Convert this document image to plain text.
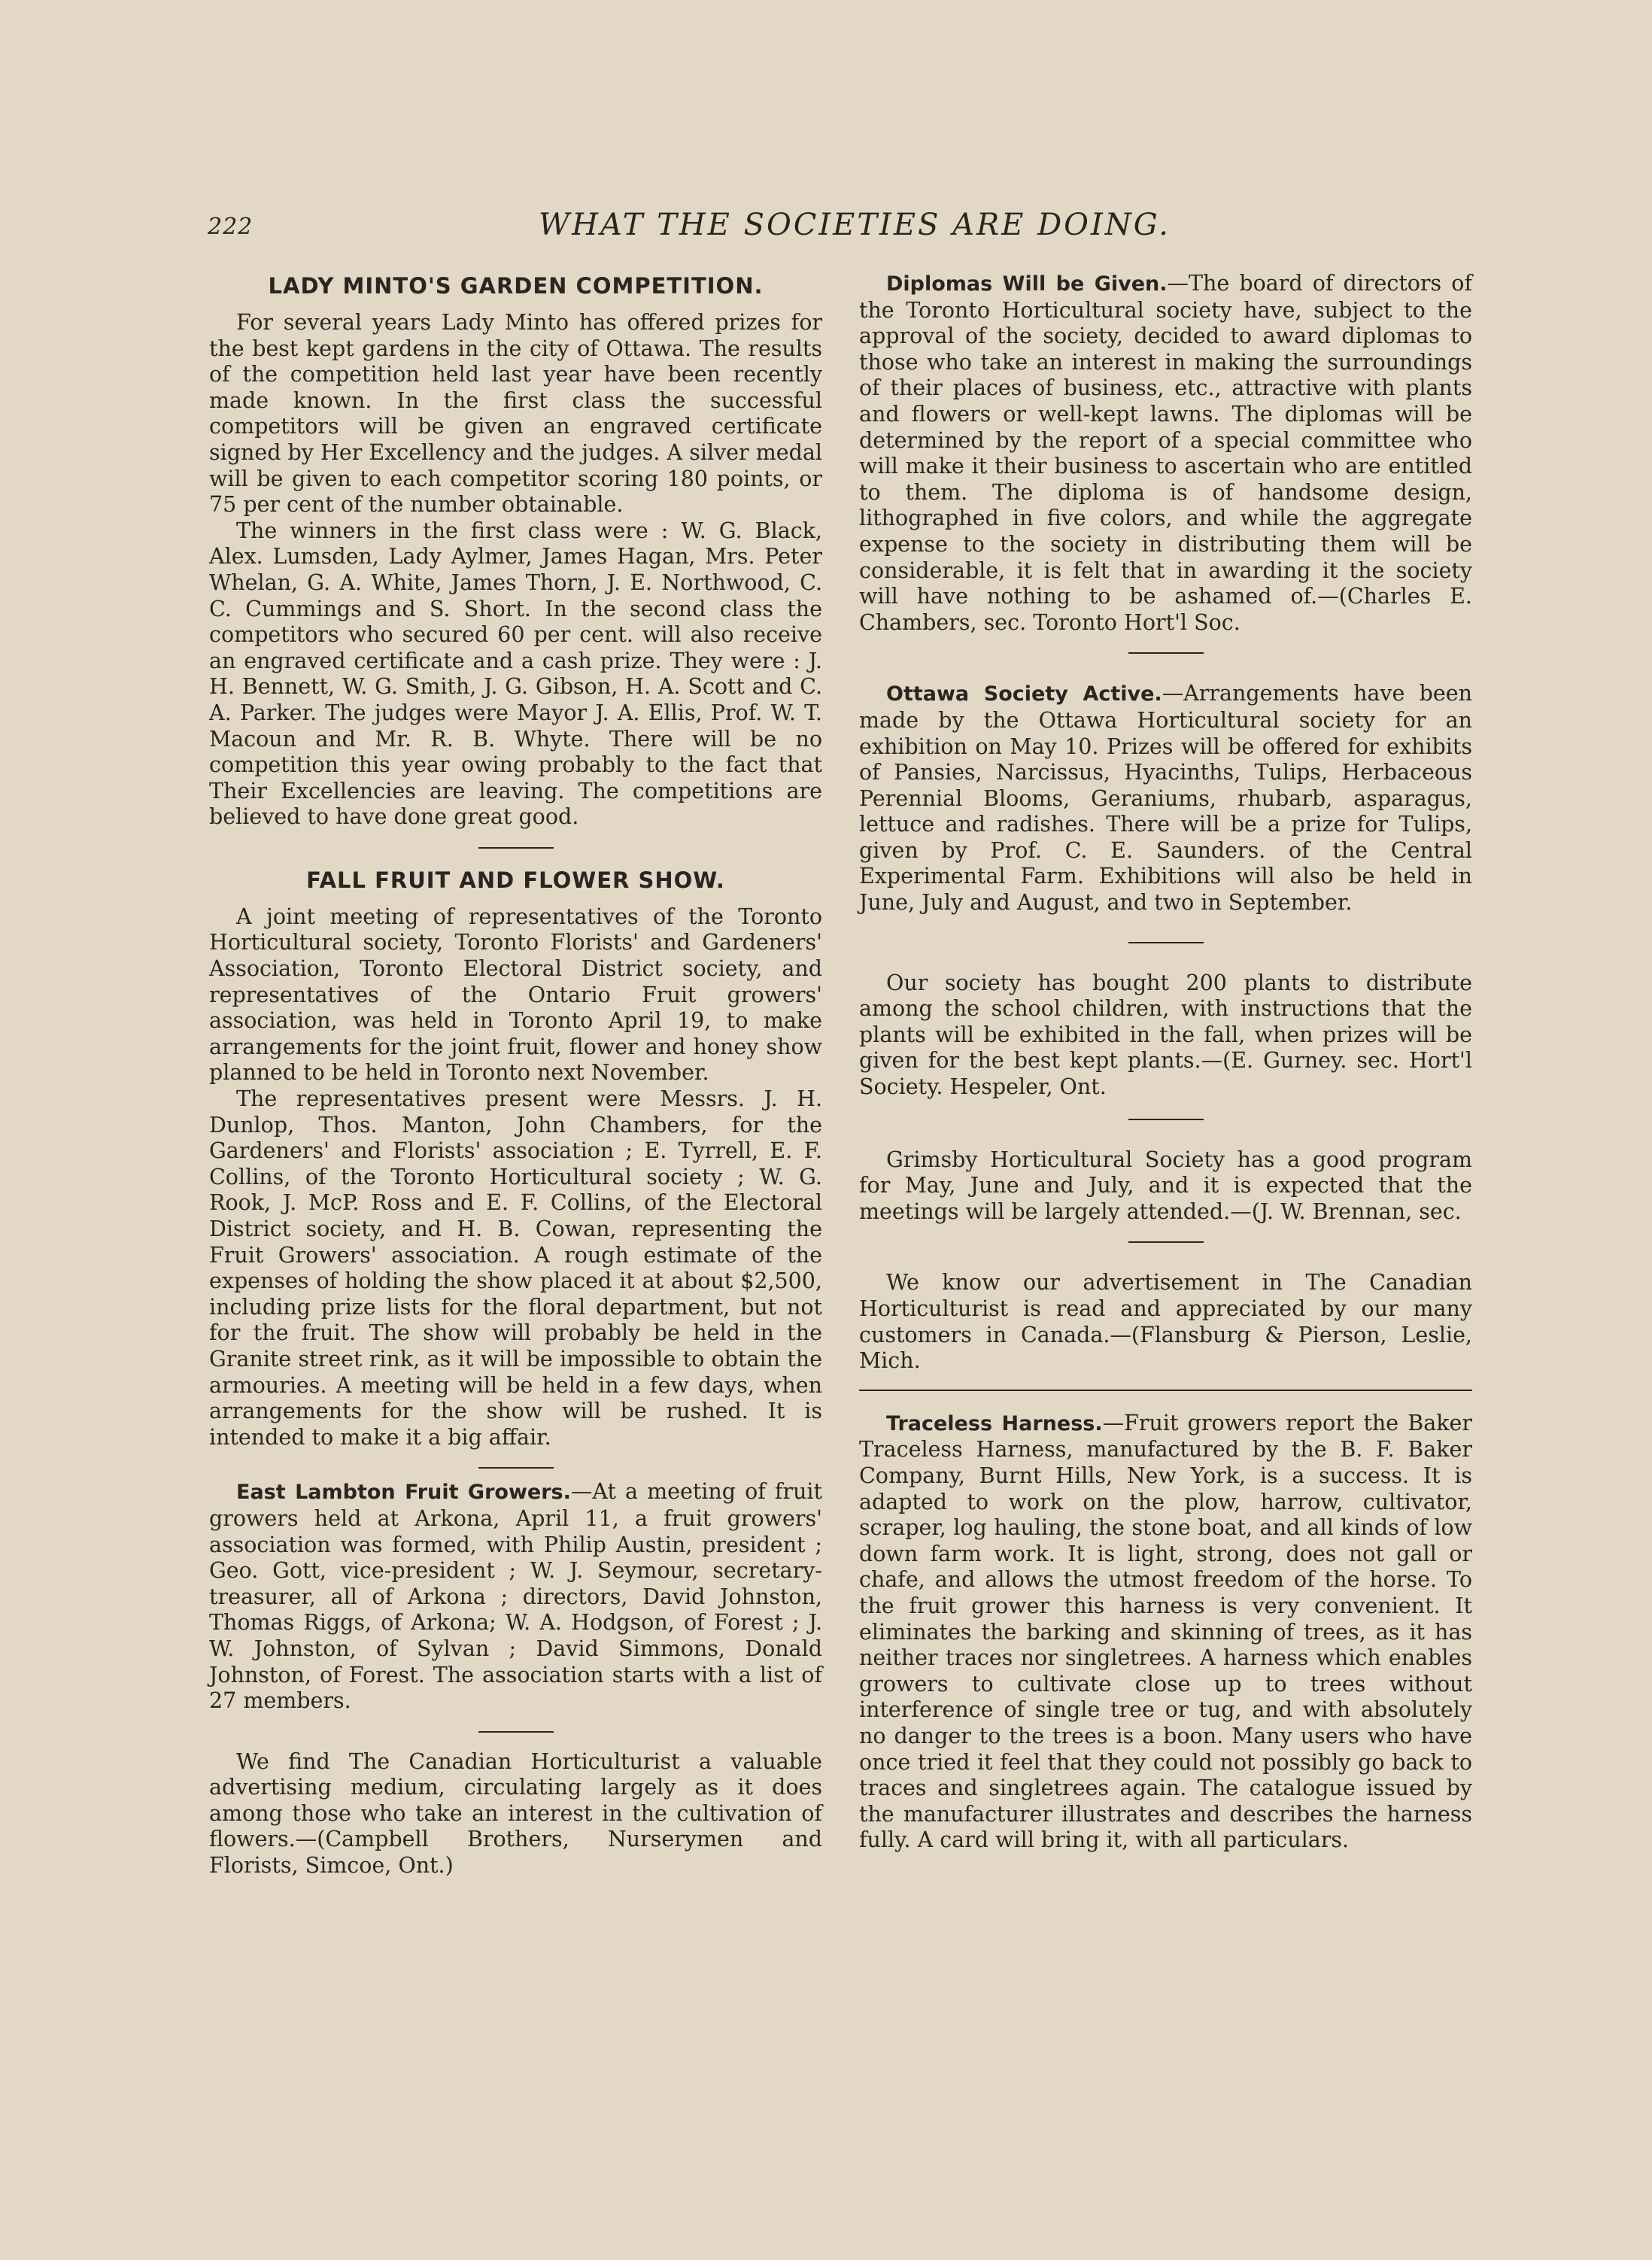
222	WHAT THE SOCIETIES ARE DOING.
LADY MINTO'S GARDEN COMPETITION.

For several years Lady Minto has offered prizes for the best kept gardens in the city of Ottawa. The results of the competition held last year have been recently made known. In the first class the successful competitors will be given an engraved certificate signed by Her Excellency and the judges. A silver medal will be given to each competitor scoring 180 points, or 75 per cent of the number obtainable.

The winners in the first class were : W. G. Black, Alex. Lumsden, Lady Aylmer, James Hagan, Mrs. Peter Whelan, G. A. White, James Thorn, J. E. Northwood, C. C. Cummings and S. Short. In the second class the competitors who secured 60 per cent. will also receive an engraved certificate and a cash prize. They were : J. H. Bennett, W. G. Smith, J. G. Gibson, H. A. Scott and C. A. Parker. The judges were Mayor J. A. Ellis, Prof. W. T. Macoun and Mr. R. B. Whyte. There will be no competition this year owing probably to the fact that Their Excellencies are leaving. The competitions are believed to have done great good.

FALL FRUIT AND FLOWER SHOW.

A joint meeting of representatives of the Toronto Horticultural society, Toronto Florists' and Gardeners' Association, Toronto Electoral District society, and representatives of the Ontario Fruit growers' association, was held in Toronto April 19, to make arrangements for the joint fruit, flower and honey show planned to be held in Toronto next November.

The representatives present were Messrs. J. H. Dunlop, Thos. Manton, John Chambers, for the Gardeners' and Florists' association ; E. Tyrrell, E. F. Collins, of the Toronto Horticultural society ; W. G. Rook, J. McP. Ross and E. F. Collins, of the Electoral District society, and H. B. Cowan, representing the Fruit Growers' association. A rough estimate of the expenses of holding the show placed it at about $2,500, including prize lists for the floral department, but not for the fruit. The show will probably be held in the Granite street rink, as it will be impossible to obtain the armouries. A meeting will be held in a few days, when arrangements for the show will be rushed. It is intended to make it a big affair.

East Lambton Fruit Growers.—At a meeting of fruit growers held at Arkona, April 11, a fruit growers' association was formed, with Philip Austin, president ; Geo. Gott, vice-president ; W. J. Seymour, secretary-treasurer, all of Arkona ; directors, David Johnston, Thomas Riggs, of Arkona; W. A. Hodgson, of Forest ; J. W. Johnston, of Sylvan ; David Simmons, Donald Johnston, of Forest. The association starts with a list of 27 members.

We find The Canadian Horticulturist a valuable advertising medium, circulating largely as it does among those who take an interest in the cultivation of flowers.—(Campbell Brothers, Nurserymen and Florists, Simcoe, Ont.)

Diplomas Will be Given.—The board of directors of the Toronto Horticultural society have, subject to the approval of the society, decided to award diplomas to those who take an interest in making the surroundings of their places of business, etc., attractive with plants and flowers or well-kept lawns. The diplomas will be determined by the report of a special committee who will make it their business to ascertain who are entitled to them. The diploma is of handsome design, lithographed in five colors, and while the aggregate expense to the society in distributing them will be considerable, it is felt that in awarding it the society will have nothing to be ashamed of.—(Charles E. Chambers, sec. Toronto Hort'l Soc.

Ottawa Society Active.—Arrangements have been made by the Ottawa Horticultural society for an exhibition on May 10. Prizes will be offered for exhibits of Pansies, Narcissus, Hyacinths, Tulips, Herbaceous Perennial Blooms, Geraniums, rhubarb, asparagus, lettuce and radishes. There will be a prize for Tulips, given by Prof. C. E. Saunders. of the Central Experimental Farm. Exhibitions will also be held in June, July and August, and two in September.

Our society has bought 200 plants to distribute among the school children, with instructions that the plants will be exhibited in the fall, when prizes will be given for the best kept plants.—(E. Gurney. sec. Hort'l Society. Hespeler, Ont.

Grimsby Horticultural Society has a good program for May, June and July, and it is expected that the meetings will be largely attended.—(J. W. Brennan, sec.

We know our advertisement in The Canadian Horticulturist is read and appreciated by our many customers in Canada.—(Flansburg & Pierson, Leslie, Mich.

Traceless Harness.—Fruit growers report the Baker Traceless Harness, manufactured by the B. F. Baker Company, Burnt Hills, New York, is a success. It is adapted to work on the plow, harrow, cultivator, scraper, log hauling, the stone boat, and all kinds of low down farm work. It is light, strong, does not gall or chafe, and allows the utmost freedom of the horse. To the fruit grower this harness is very convenient. It eliminates the barking and skinning of trees, as it has neither traces nor singletrees. A harness which enables growers to cultivate close up to trees without interference of single tree or tug, and with absolutely no danger to the trees is a boon. Many users who have once tried it feel that they could not possibly go back to traces and singletrees again. The catalogue issued by the manufacturer illustrates and describes the harness fully. A card will bring it, with all particulars.
